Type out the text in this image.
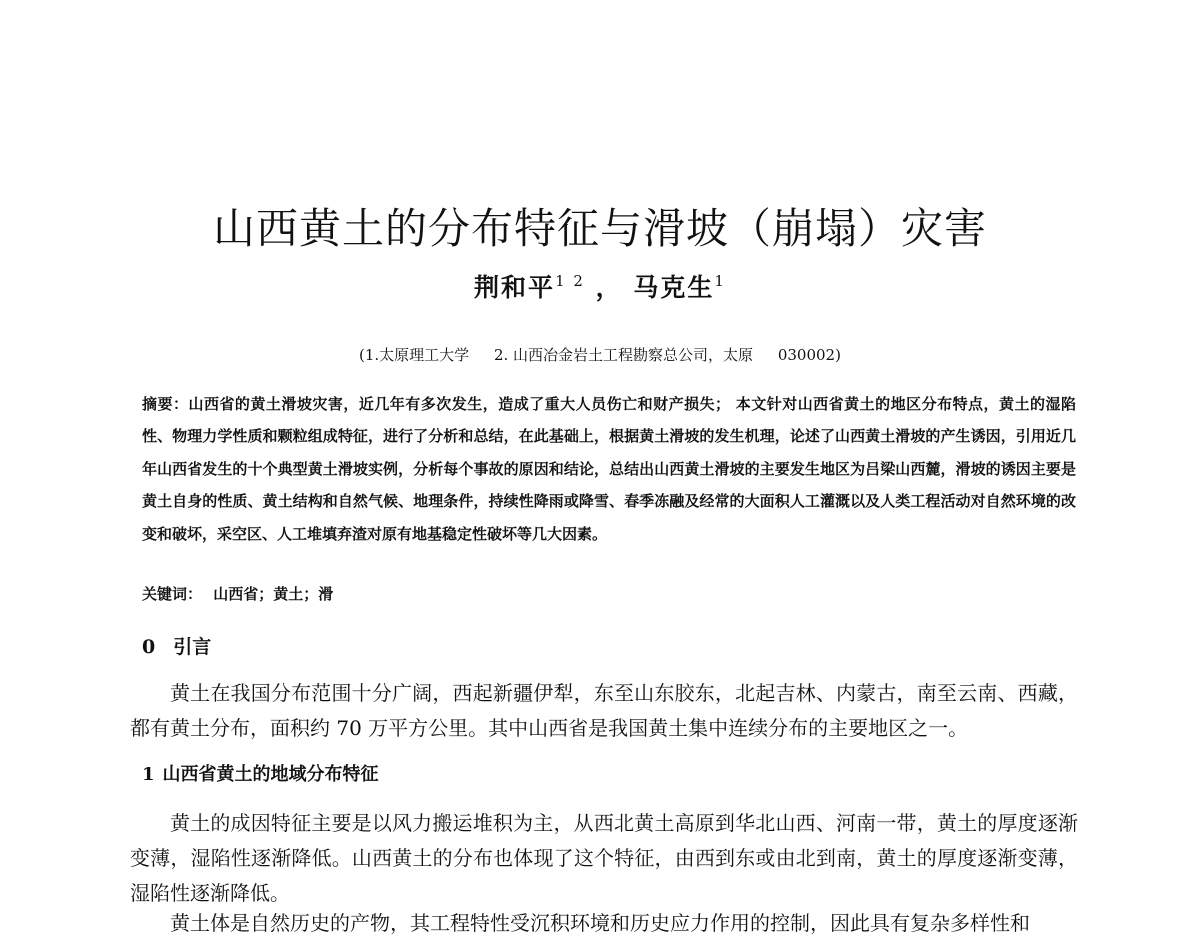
山西黄土的分布特征与滑坡（崩塌）灾害
荆和平$^{1 2}$ ， 马克生$^1$
(1.太原理工大学 2. 山西冶金岩土工程勘察总公司，太原 030002)
摘要：山西省的黄土滑坡灾害，近几年有多次发生，造成了重大人员伤亡和财产损失； 本文针对山西省黄土的地区分布特点，黄土的湿陷性、物理力学性质和颗粒组成特征，进行了分析和总结，在此基础上，根据黄土滑坡的发生机理，论述了山西黄土滑坡的产生诱因，引用近几年山西省发生的十个典型黄土滑坡实例，分析每个事故的原因和结论，总结出山西黄土滑坡的主要发生地区为吕梁山西麓，滑坡的诱因主要是黄土自身的性质、黄土结构和自然气候、地理条件，持续性降雨或降雪、春季冻融及经常的大面积人工灌溉以及人类工程活动对自然环境的改变和破坏，采空区、人工堆填弃渣对原有地基稳定性破坏等几大因素。
关键词： 山西省；黄土；滑
0 引言
黄土在我国分布范围十分广阔，西起新疆伊犁，东至山东胶东，北起吉林、内蒙古，南至云南、西藏，都有黄土分布，面积约 70 万平方公里。其中山西省是我国黄土集中连续分布的主要地区之一。
1 山西省黄土的地域分布特征
黄土的成因特征主要是以风力搬运堆积为主，从西北黄土高原到华北山西、河南一带，黄土的厚度逐渐变薄，湿陷性逐渐降低。山西黄土的分布也体现了这个特征，由西到东或由北到南，黄土的厚度逐渐变薄，湿陷性逐渐降低。
黄土体是自然历史的产物，其工程特性受沉积环境和历史应力作用的控制，因此具有复杂多样性和
